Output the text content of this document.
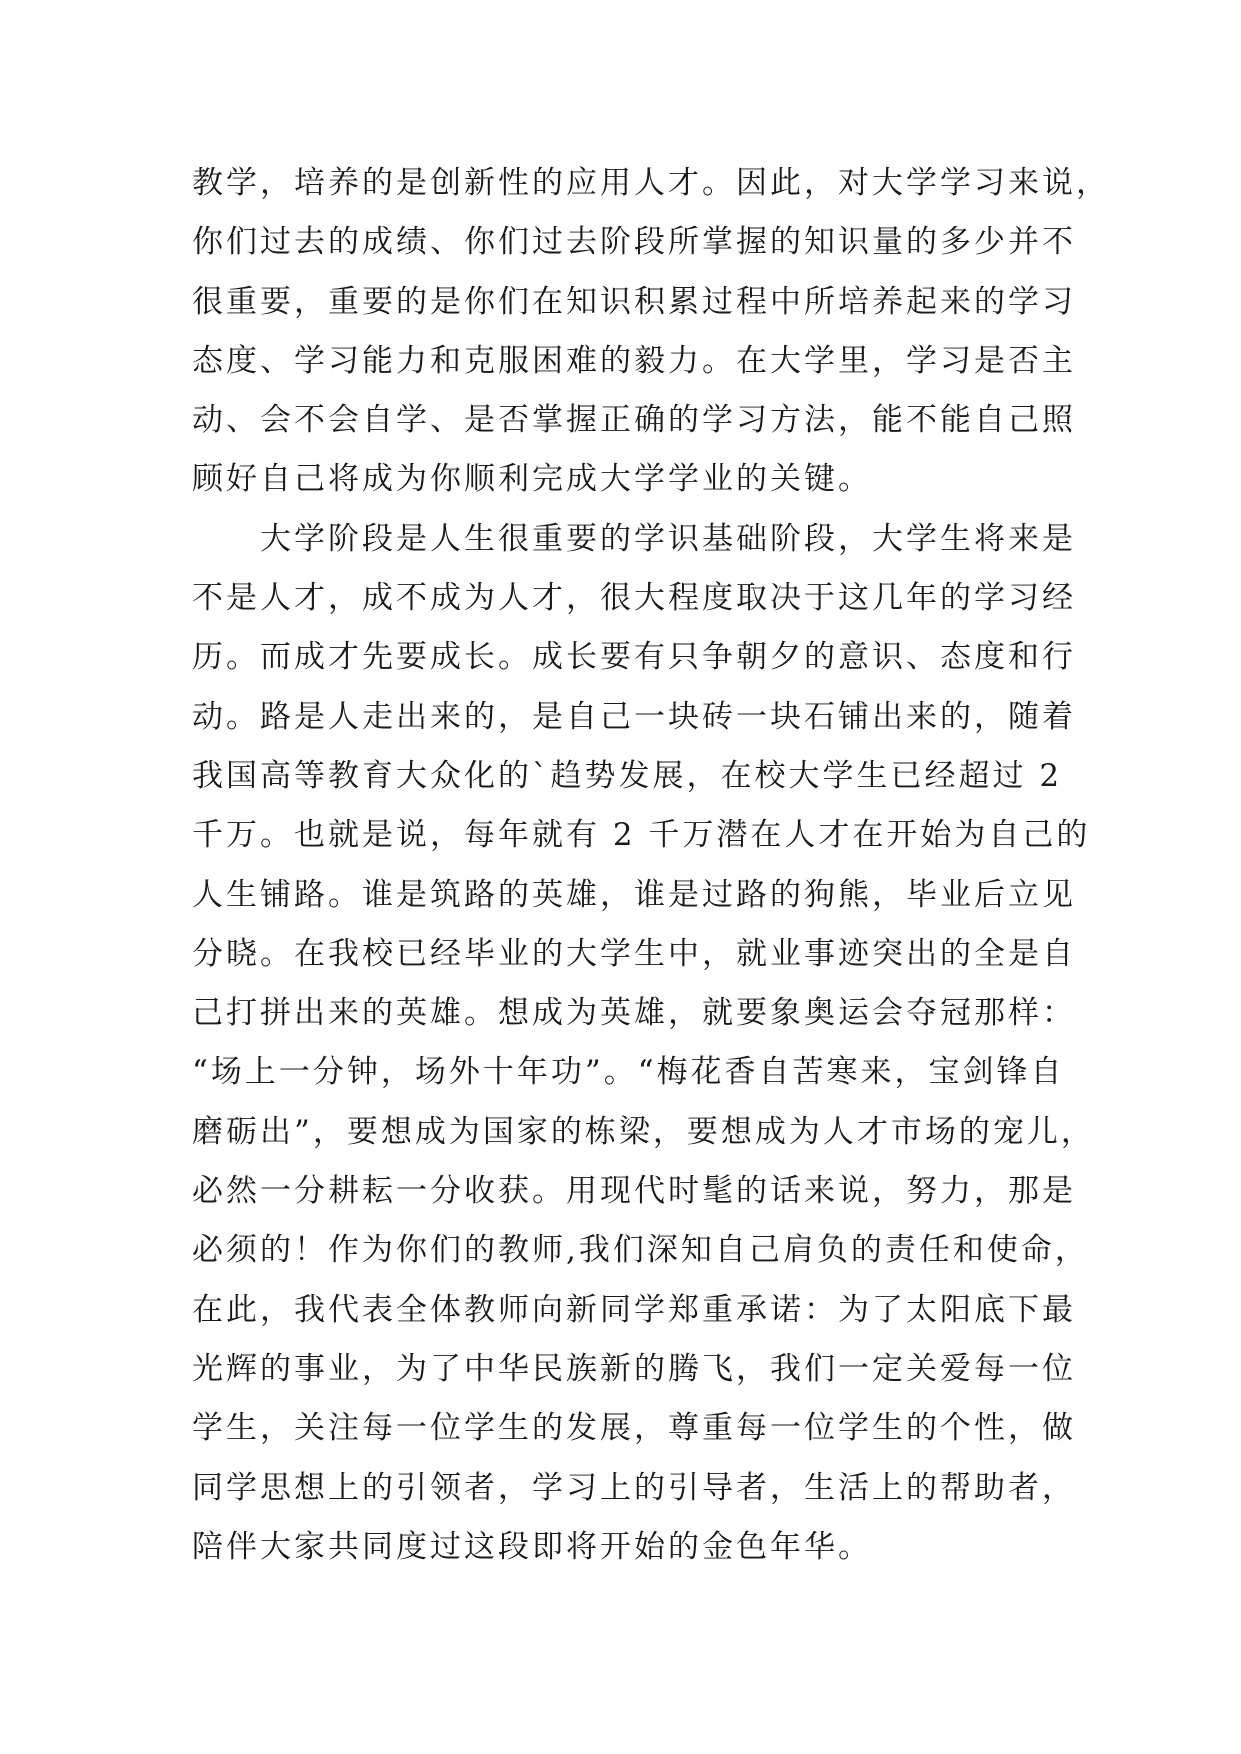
教学，培养的是创新性的应用人才。因此，对大学学习来说，
你们过去的成绩、你们过去阶段所掌握的知识量的多少并不
很重要，重要的是你们在知识积累过程中所培养起来的学习
态度、学习能力和克服困难的毅力。在大学里，学习是否主
动、会不会自学、是否掌握正确的学习方法，能不能自己照
顾好自己将成为你顺利完成大学学业的关键。
　　大学阶段是人生很重要的学识基础阶段，大学生将来是
不是人才，成不成为人才，很大程度取决于这几年的学习经
历。而成才先要成长。成长要有只争朝夕的意识、态度和行
动。路是人走出来的，是自己一块砖一块石铺出来的，随着
我国高等教育大众化的`趋势发展，在校大学生已经超过 2
千万。也就是说，每年就有 2 千万潜在人才在开始为自己的
人生铺路。谁是筑路的英雄，谁是过路的狗熊，毕业后立见
分晓。在我校已经毕业的大学生中，就业事迹突出的全是自
己打拼出来的英雄。想成为英雄，就要象奥运会夺冠那样：
“场上一分钟，场外十年功”。“梅花香自苦寒来，宝剑锋自
磨砺出”，要想成为国家的栋梁，要想成为人才市场的宠儿，
必然一分耕耘一分收获。用现代时髦的话来说，努力，那是
必须的！作为你们的教师,我们深知自己肩负的责任和使命，
在此，我代表全体教师向新同学郑重承诺：为了太阳底下最
光辉的事业，为了中华民族新的腾飞，我们一定关爱每一位
学生，关注每一位学生的发展，尊重每一位学生的个性，做
同学思想上的引领者，学习上的引导者，生活上的帮助者，
陪伴大家共同度过这段即将开始的金色年华。
